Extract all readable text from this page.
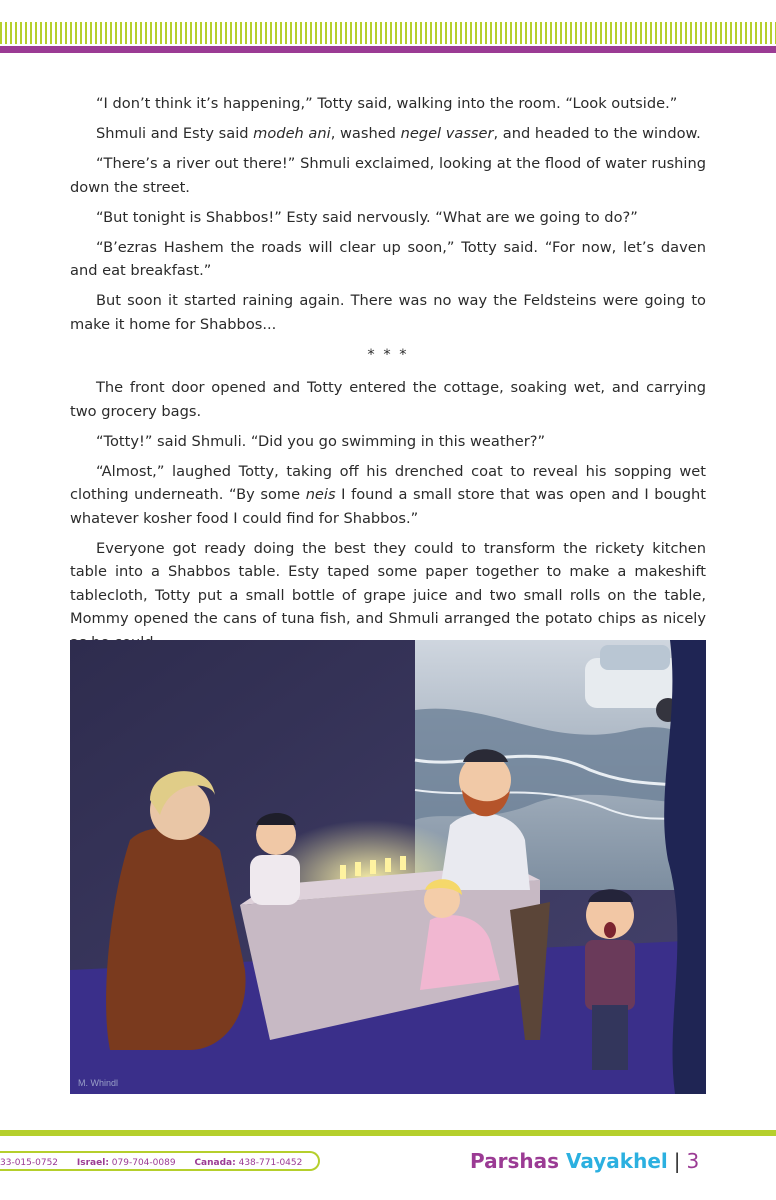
“I don’t think it’s happening,” Totty said, walking into the room. “Look outside.”

Shmuli and Esty said modeh ani, washed negel vasser, and headed to the window.

“There’s a river out there!” Shmuli exclaimed, looking at the flood of water rushing down the street.

“But tonight is Shabbos!” Esty said nervously. “What are we going to do?”

“B’ezras Hashem the roads will clear up soon,” Totty said. “For now, let’s daven and eat breakfast.”

But soon it started raining again. There was no way the Feldsteins were going to make it home for Shabbos...

* * *

The front door opened and Totty entered the cottage, soaking wet, and carrying two grocery bags.

“Totty!” said Shmuli. “Did you go swimming in this weather?”

“Almost,” laughed Totty, taking off his drenched coat to reveal his sopping wet clothing underneath. “By some neis I found a small store that was open and I bought whatever kosher food I could find for Shabbos.”

Everyone got ready doing the best they could to transform the rickety kitchen table into a Shabbos table. Esty taped some paper together to make a makeshift tablecloth, Totty put a small bottle of grape juice and two small rolls on the table, Mommy opened the cans of tuna fish, and Shmuli arranged the potato chips as nicely

M. Whindl
33-015-0752 Israel: 079-704-0089 Canada: 438-771-0452	Parshas Vayakhel | 3
